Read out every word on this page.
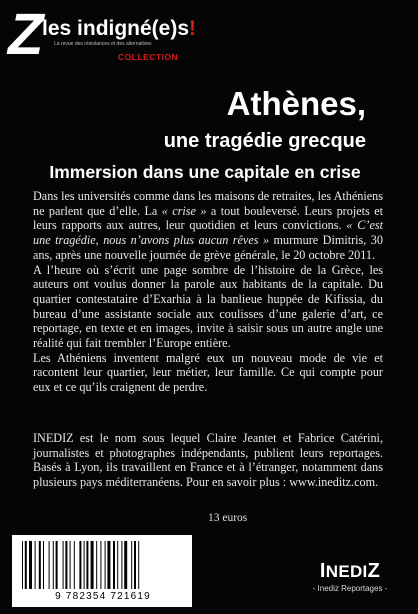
Z
les indigné(e)s!
La revue des résistances et des alternatives
COLLECTION
Athènes,
une tragédie grecque
Immersion dans une capitale en crise

Dans les universités comme dans les maisons de retraites, les Athéniens ne parlent que d’elle. La « crise » a tout bouleversé. Leurs projets et leurs rapports aux autres, leur quotidien et leurs convictions. « C’est une tragédie, nous n’avons plus aucun rêves » murmure Dimitris, 30 ans, après une nouvelle journée de grève générale, le 20 octobre 2011.

A l’heure où s’écrit une page sombre de l’histoire de la Grèce, les auteurs ont voulus donner la parole aux habitants de la capitale. Du quartier contestataire d’Exarhia à la banlieue huppée de Kifissia, du bureau d’une assistante sociale aux coulisses d’une galerie d’art, ce reportage, en texte et en images, invite à saisir sous un autre angle une réalité qui fait trembler l’Europe entière.

Les Athéniens inventent malgré eux un nouveau mode de vie et racontent leur quartier, leur métier, leur famille. Ce qui compte pour eux et ce qu’ils craignent de perdre.

INEDIZ est le nom sous lequel Claire Jeantet et Fabrice Catérini, journalistes et photographes indépendants, publient leurs reportages. Basés à Lyon, ils travaillent en France et à l’étranger, notamment dans plusieurs pays méditerranéens. Pour en savoir plus : www.ineditz.com.
13 euros
9 782354 721619
INEDIZ
- Inediz Reportages -
